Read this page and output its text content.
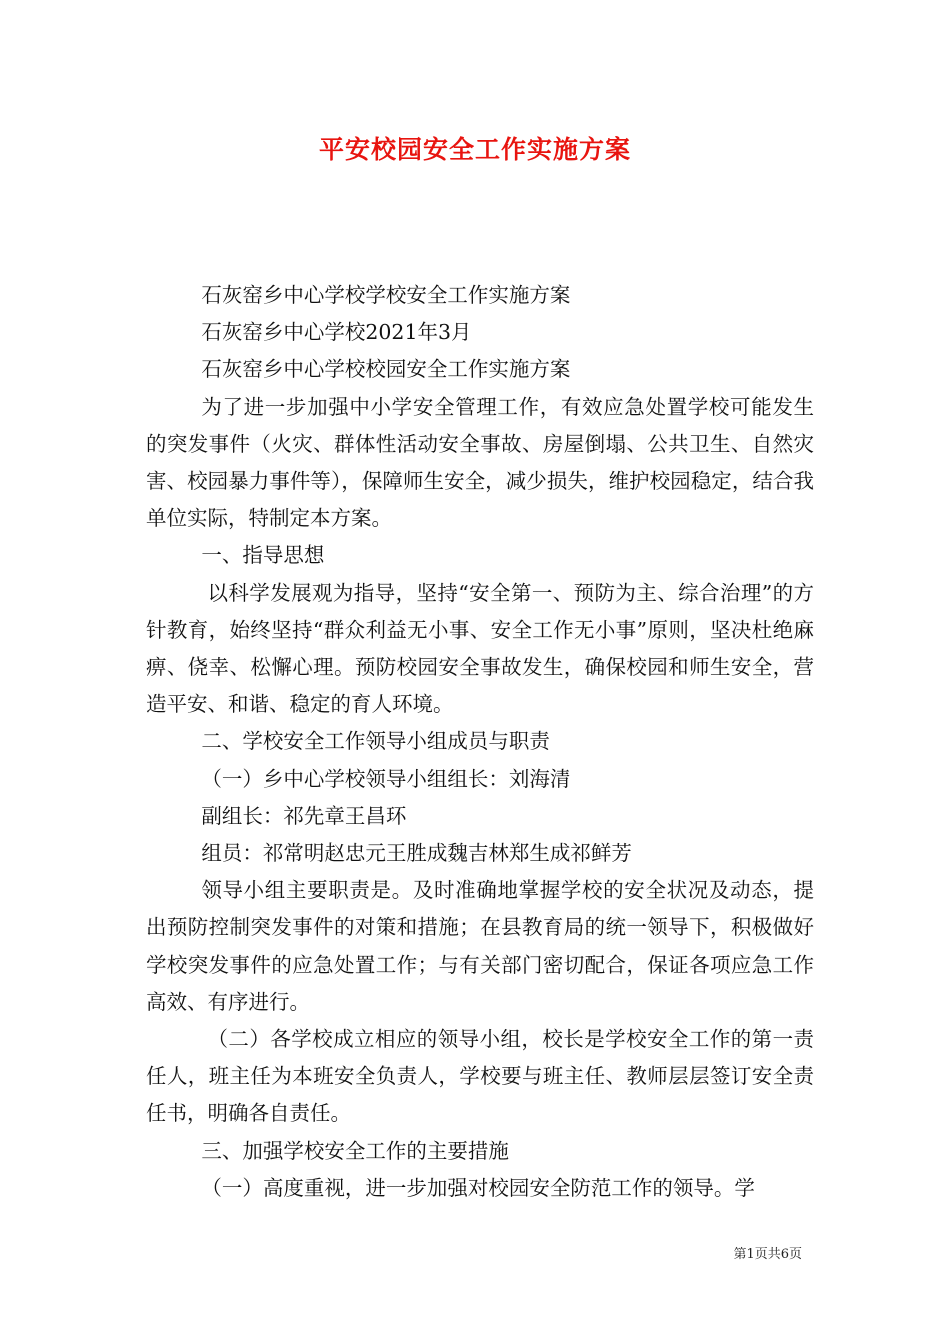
平安校园安全工作实施方案

石灰窑乡中心学校学校安全工作实施方案

石灰窑乡中心学校2021年3月

石灰窑乡中心学校校园安全工作实施方案

为了进一步加强中小学安全管理工作，有效应急处置学校可能发生的突发事件（火灾、群体性活动安全事故、房屋倒塌、公共卫生、自然灾害、校园暴力事件等），保障师生安全，减少损失，维护校园稳定，结合我单位实际，特制定本方案。

一、指导思想

以科学发展观为指导，坚持“安全第一、预防为主、综合治理”的方针教育，始终坚持“群众利益无小事、安全工作无小事”原则，坚决杜绝麻痹、侥幸、松懈心理。预防校园安全事故发生，确保校园和师生安全，营造平安、和谐、稳定的育人环境。

二、学校安全工作领导小组成员与职责

（一）乡中心学校领导小组组长：刘海清

副组长：祁先章王昌环

组员：祁常明赵忠元王胜成魏吉林郑生成祁鲜芳

领导小组主要职责是。及时准确地掌握学校的安全状况及动态，提出预防控制突发事件的对策和措施；在县教育局的统一领导下，积极做好学校突发事件的应急处置工作；与有关部门密切配合，保证各项应急工作高效、有序进行。

（二）各学校成立相应的领导小组，校长是学校安全工作的第一责任人，班主任为本班安全负责人，学校要与班主任、教师层层签订安全责任书，明确各自责任。

三、加强学校安全工作的主要措施

（一）高度重视，进一步加强对校园安全防范工作的领导。学

第1页共6页
